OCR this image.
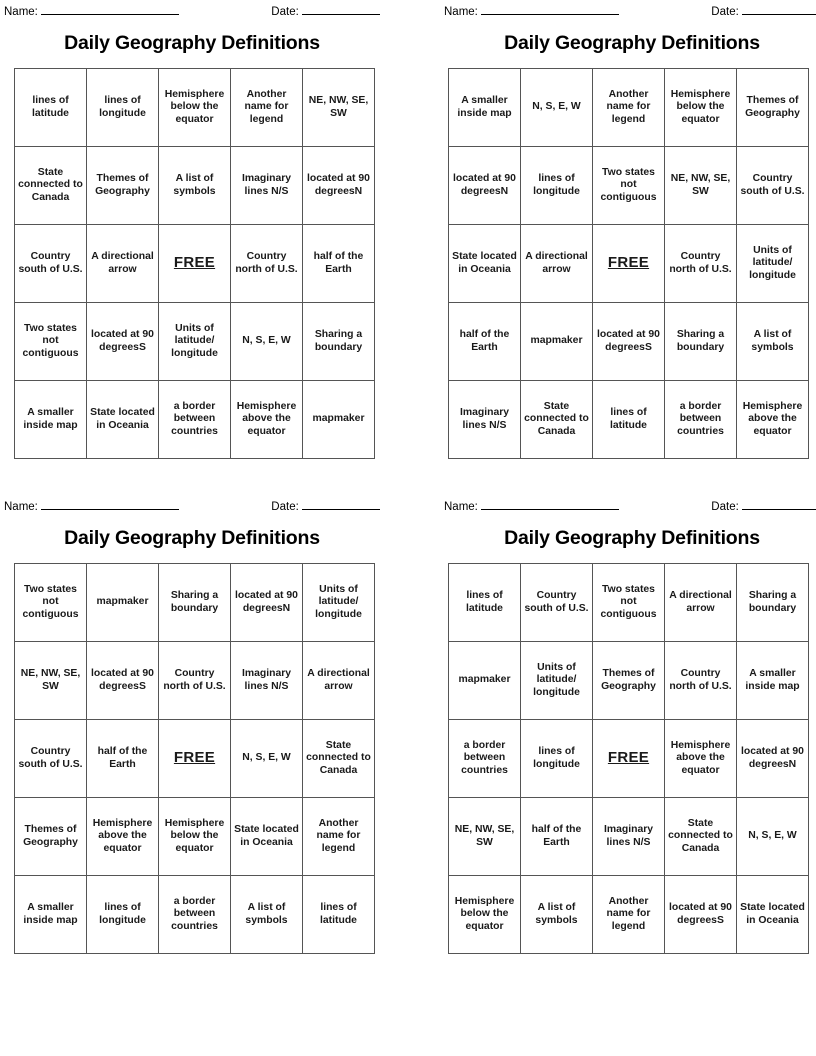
Name:	Date:
Daily Geography Definitions
lines of latitude	lines of longitude	Hemisphere below the equator	Another name for legend	NE, NW, SE, SW
State connected to Canada	Themes of Geography	A list of symbols	Imaginary lines N/S	located at 90 degreesN
Country south of U.S.	A directional arrow	FREE	Country north of U.S.	half of the Earth
Two states not contiguous	located at 90 degreesS	Units of latitude/ longitude	N, S, E, W	Sharing a boundary
A smaller inside map	State located in Oceania	a border between countries	Hemisphere above the equator	mapmaker
Name:	Date:
Daily Geography Definitions
A smaller inside map	N, S, E, W	Another name for legend	Hemisphere below the equator	Themes of Geography
located at 90 degreesN	lines of longitude	Two states not contiguous	NE, NW, SE, SW	Country south of U.S.
State located in Oceania	A directional arrow	FREE	Country north of U.S.	Units of latitude/ longitude
half of the Earth	mapmaker	located at 90 degreesS	Sharing a boundary	A list of symbols
Imaginary lines N/S	State connected to Canada	lines of latitude	a border between countries	Hemisphere above the equator
Name:	Date:
Daily Geography Definitions
Two states not contiguous	mapmaker	Sharing a boundary	located at 90 degreesN	Units of latitude/ longitude
NE, NW, SE, SW	located at 90 degreesS	Country north of U.S.	Imaginary lines N/S	A directional arrow
Country south of U.S.	half of the Earth	FREE	N, S, E, W	State connected to Canada
Themes of Geography	Hemisphere above the equator	Hemisphere below the equator	State located in Oceania	Another name for legend
A smaller inside map	lines of longitude	a border between countries	A list of symbols	lines of latitude
Name:	Date:
Daily Geography Definitions
lines of latitude	Country south of U.S.	Two states not contiguous	A directional arrow	Sharing a boundary
mapmaker	Units of latitude/ longitude	Themes of Geography	Country north of U.S.	A smaller inside map
a border between countries	lines of longitude	FREE	Hemisphere above the equator	located at 90 degreesN
NE, NW, SE, SW	half of the Earth	Imaginary lines N/S	State connected to Canada	N, S, E, W
Hemisphere below the equator	A list of symbols	Another name for legend	located at 90 degreesS	State located in Oceania
